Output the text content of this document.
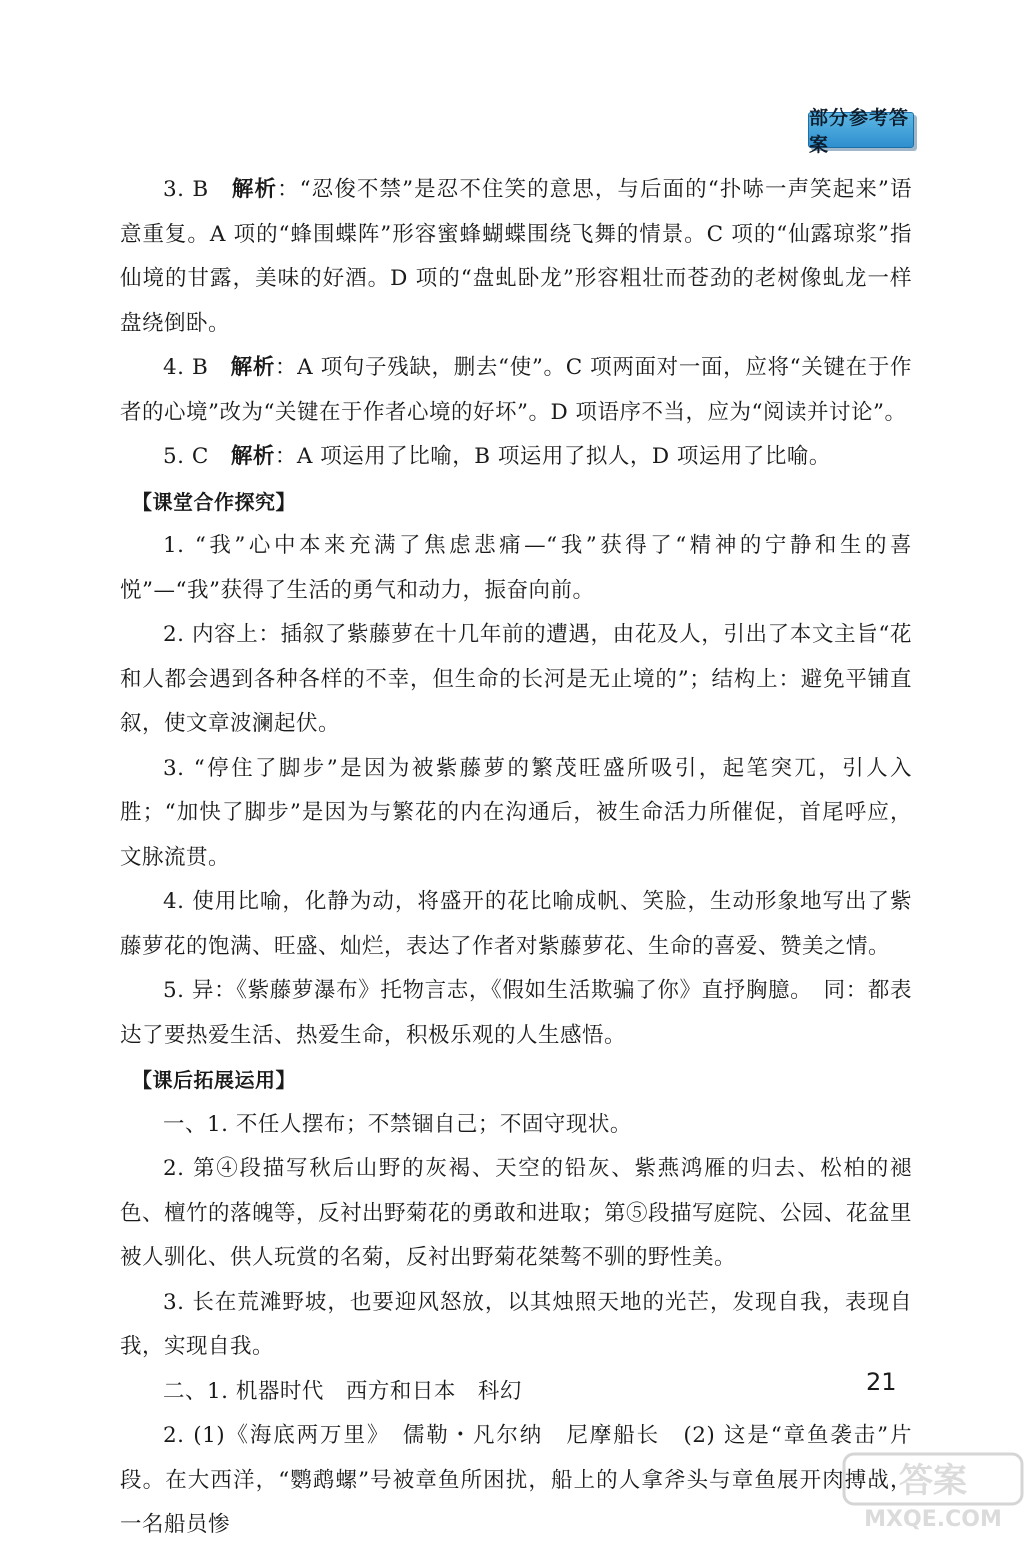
部分参考答案

3. B　解析：“忍俊不禁”是忍不住笑的意思，与后面的“扑哧一声笑起来”语意重复。A 项的“蜂围蝶阵”形容蜜蜂蝴蝶围绕飞舞的情景。C 项的“仙露琼浆”指仙境的甘露，美味的好酒。D 项的“盘虬卧龙”形容粗壮而苍劲的老树像虬龙一样盘绕倒卧。

4. B　解析：A 项句子残缺，删去“使”。C 项两面对一面，应将“关键在于作者的心境”改为“关键在于作者心境的好坏”。D 项语序不当，应为“阅读并讨论”。

5. C　解析：A 项运用了比喻，B 项运用了拟人，D 项运用了比喻。

【课堂合作探究】

1. “我”心中本来充满了焦虑悲痛—“我”获得了“精神的宁静和生的喜悦”—“我”获得了生活的勇气和动力，振奋向前。

2. 内容上：插叙了紫藤萝在十几年前的遭遇，由花及人，引出了本文主旨“花和人都会遇到各种各样的不幸，但生命的长河是无止境的”；结构上：避免平铺直叙，使文章波澜起伏。

3. “停住了脚步”是因为被紫藤萝的繁茂旺盛所吸引，起笔突兀，引人入胜；“加快了脚步”是因为与繁花的内在沟通后，被生命活力所催促，首尾呼应，文脉流贯。

4. 使用比喻，化静为动，将盛开的花比喻成帆、笑脸，生动形象地写出了紫藤萝花的饱满、旺盛、灿烂，表达了作者对紫藤萝花、生命的喜爱、赞美之情。

5. 异：《紫藤萝瀑布》托物言志，《假如生活欺骗了你》直抒胸臆。　同：都表达了要热爱生活、热爱生命，积极乐观的人生感悟。

【课后拓展运用】

一、1. 不任人摆布；不禁锢自己；不固守现状。

2. 第④段描写秋后山野的灰褐、天空的铅灰、紫燕鸿雁的归去、松柏的褪色、檀竹的落魄等，反衬出野菊花的勇敢和进取；第⑤段描写庭院、公园、花盆里被人驯化、供人玩赏的名菊，反衬出野菊花桀骜不驯的野性美。

3. 长在荒滩野坡，也要迎风怒放，以其烛照天地的光芒，发现自我，表现自我，实现自我。

二、1. 机器时代　西方和日本　科幻

2. (1)《海底两万里》　儒勒・凡尔纳　尼摩船长　(2) 这是“章鱼袭击”片段。在大西洋，“鹦鹉螺”号被章鱼所困扰，船上的人拿斧头与章鱼展开肉搏战，一名船员惨

21
答案
MXQE.COM
